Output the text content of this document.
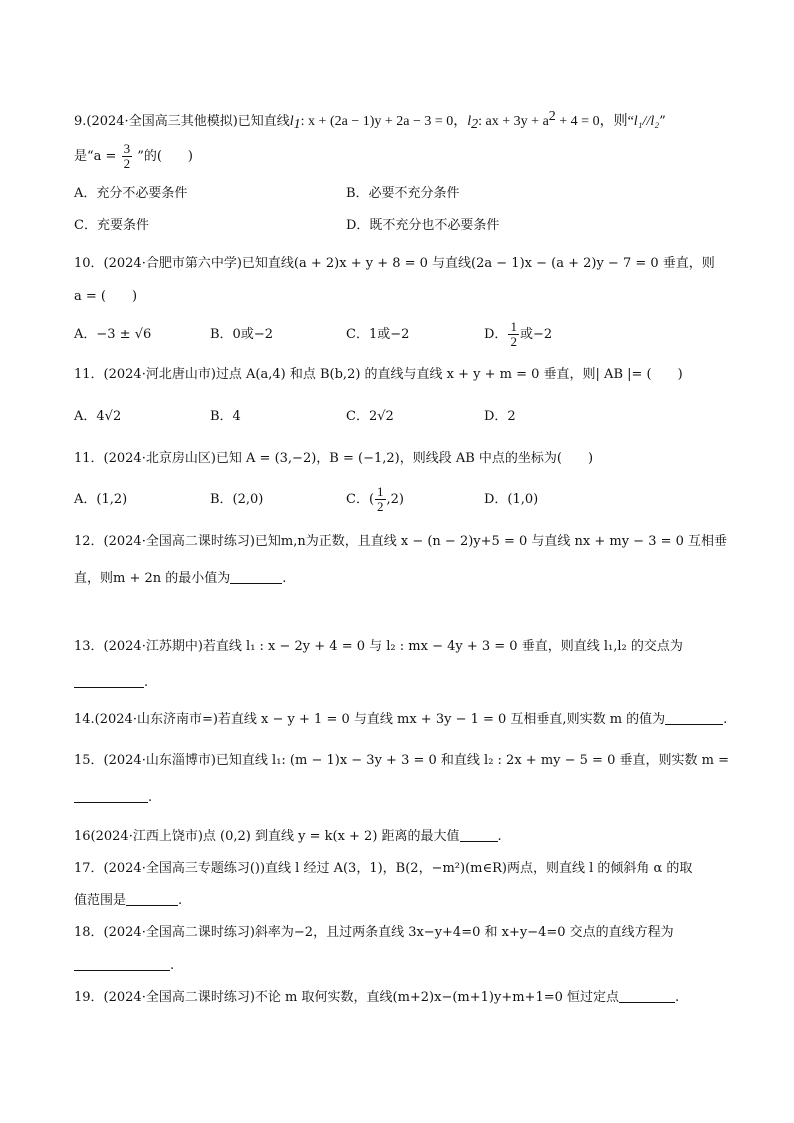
9.(2024·全国高三其他模拟)已知直线$l_1$: x + (2a − 1)y + 2a − 3 = 0，$l_2$: ax + $3y + a^2 + 4 = 0$，则“l₁//l₂”
是“$a = \frac{3}{2}$ ”的(　　)
A．充分不必要条件	B．必要不充分条件
C．充要条件	D．既不充分也不必要条件
10．(2024·合肥市第六中学)已知直线(a + 2)x + y + 8 = 0 与直线(2a − 1)x − (a + 2)y − 7 = 0 垂直，则
a = (　　)
A．−3 ± √6	B．0或−2	C．1或−2	D． $\frac{1}{2}$ 或−2
11．(2024·河北唐山市)过点 A(a,4) 和点 B(b,2) 的直线与直线 x + y + m = 0 垂直，则| AB |= (　　)
A．4√2	B．4	C．2√2	D．2
11．(2024·北京房山区)已知 A = (3,−2)，B = (−1,2)，则线段 AB 中点的坐标为(　　)
A．(1,2)	B．(2,0)	C．( $\frac{1}{2} ,2$)	D．(1,0)
12．(2024·全国高二课时练习)已知m,n为正数，且直线 x − (n − 2)y+5 = 0 与直线 nx + my − 3 = 0 互相垂
直，则m + 2n 的最小值为	.
13．(2024·江苏期中)若直线 l₁ : x − 2y + 4 = 0 与 l₂ : mx − 4y + 3 = 0 垂直，则直线 l₁,l₂ 的交点为
.
14.(2024·山东济南市=)若直线 x − y + 1 = 0 与直线 mx + 3y − 1 = 0 互相垂直,则实数 m 的值为	.
15．(2024·山东淄博市)已知直线 l₁: (m − 1)x − 3y + 3 = 0 和直线 l₂ : 2x + my − 5 = 0 垂直，则实数 m =
.
16(2024·江西上饶市)点 (0,2) 到直线 y = k(x + 2) 距离的最大值	.
17．(2024·全国高三专题练习())直线 l 经过 A(3，1)，B(2，−m²)(m∈R)两点，则直线 l 的倾斜角 α 的取
值范围是	.
18．(2024·全国高二课时练习)斜率为−2，且过两条直线 3x−y+4=0 和 x+y−4=0 交点的直线方程为
.
19．(2024·全国高二课时练习)不论 m 取何实数，直线(m+2)x−(m+1)y+m+1=0 恒过定点	.
